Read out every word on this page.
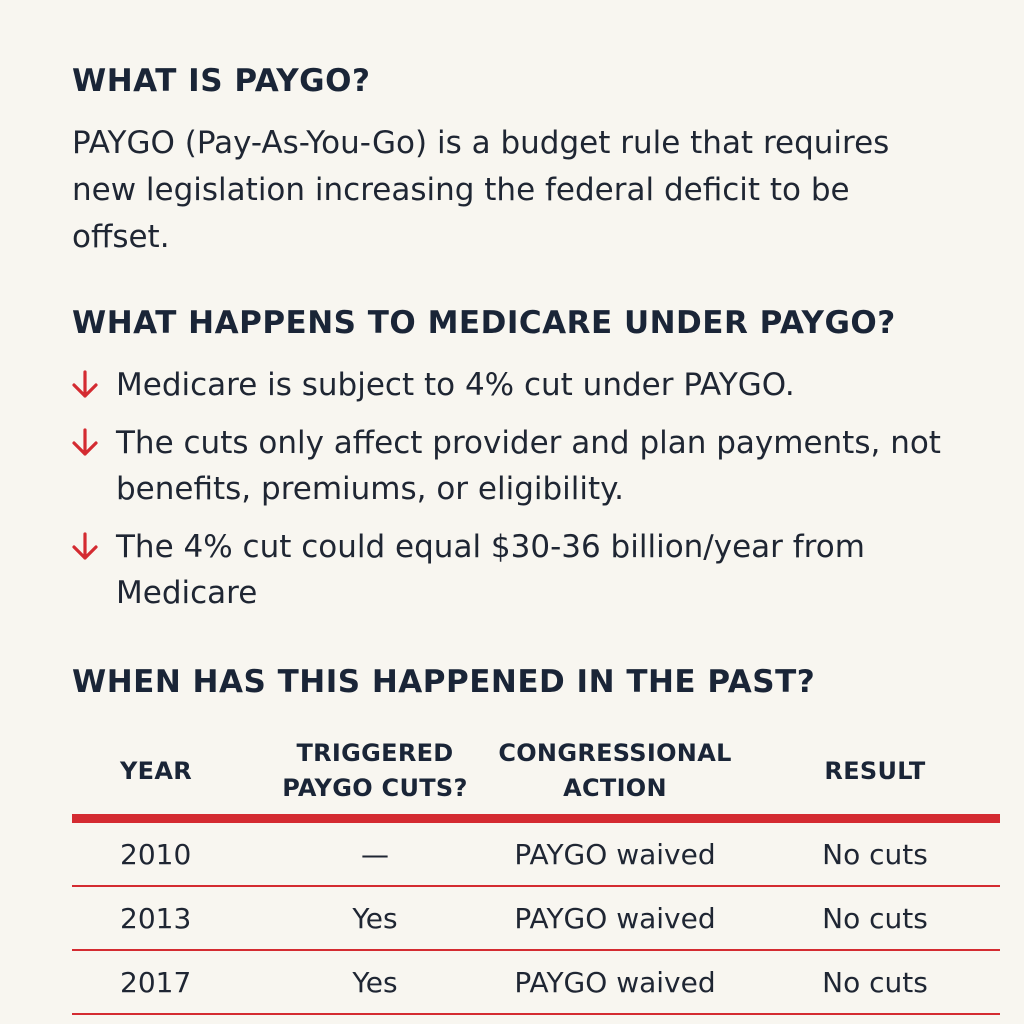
WHAT IS PAYGO?

PAYGO (Pay-As-You-Go) is a budget rule that requires new legislation increasing the federal deficit to be offset.

WHAT HAPPENS TO MEDICARE UNDER PAYGO?
Medicare is subject to 4% cut under PAYGO.
The cuts only affect provider and plan payments, not benefits, premiums, or eligibility.
The 4% cut could equal $30-36 billion/year from Medicare
WHEN HAS THIS HAPPENED IN THE PAST?
YEAR	TRIGGERED PAYGO CUTS?	CONGRESSIONAL ACTION	RESULT
2010	—	PAYGO waived	No cuts
2013	Yes	PAYGO waived	No cuts
2017	Yes	PAYGO waived	No cuts
